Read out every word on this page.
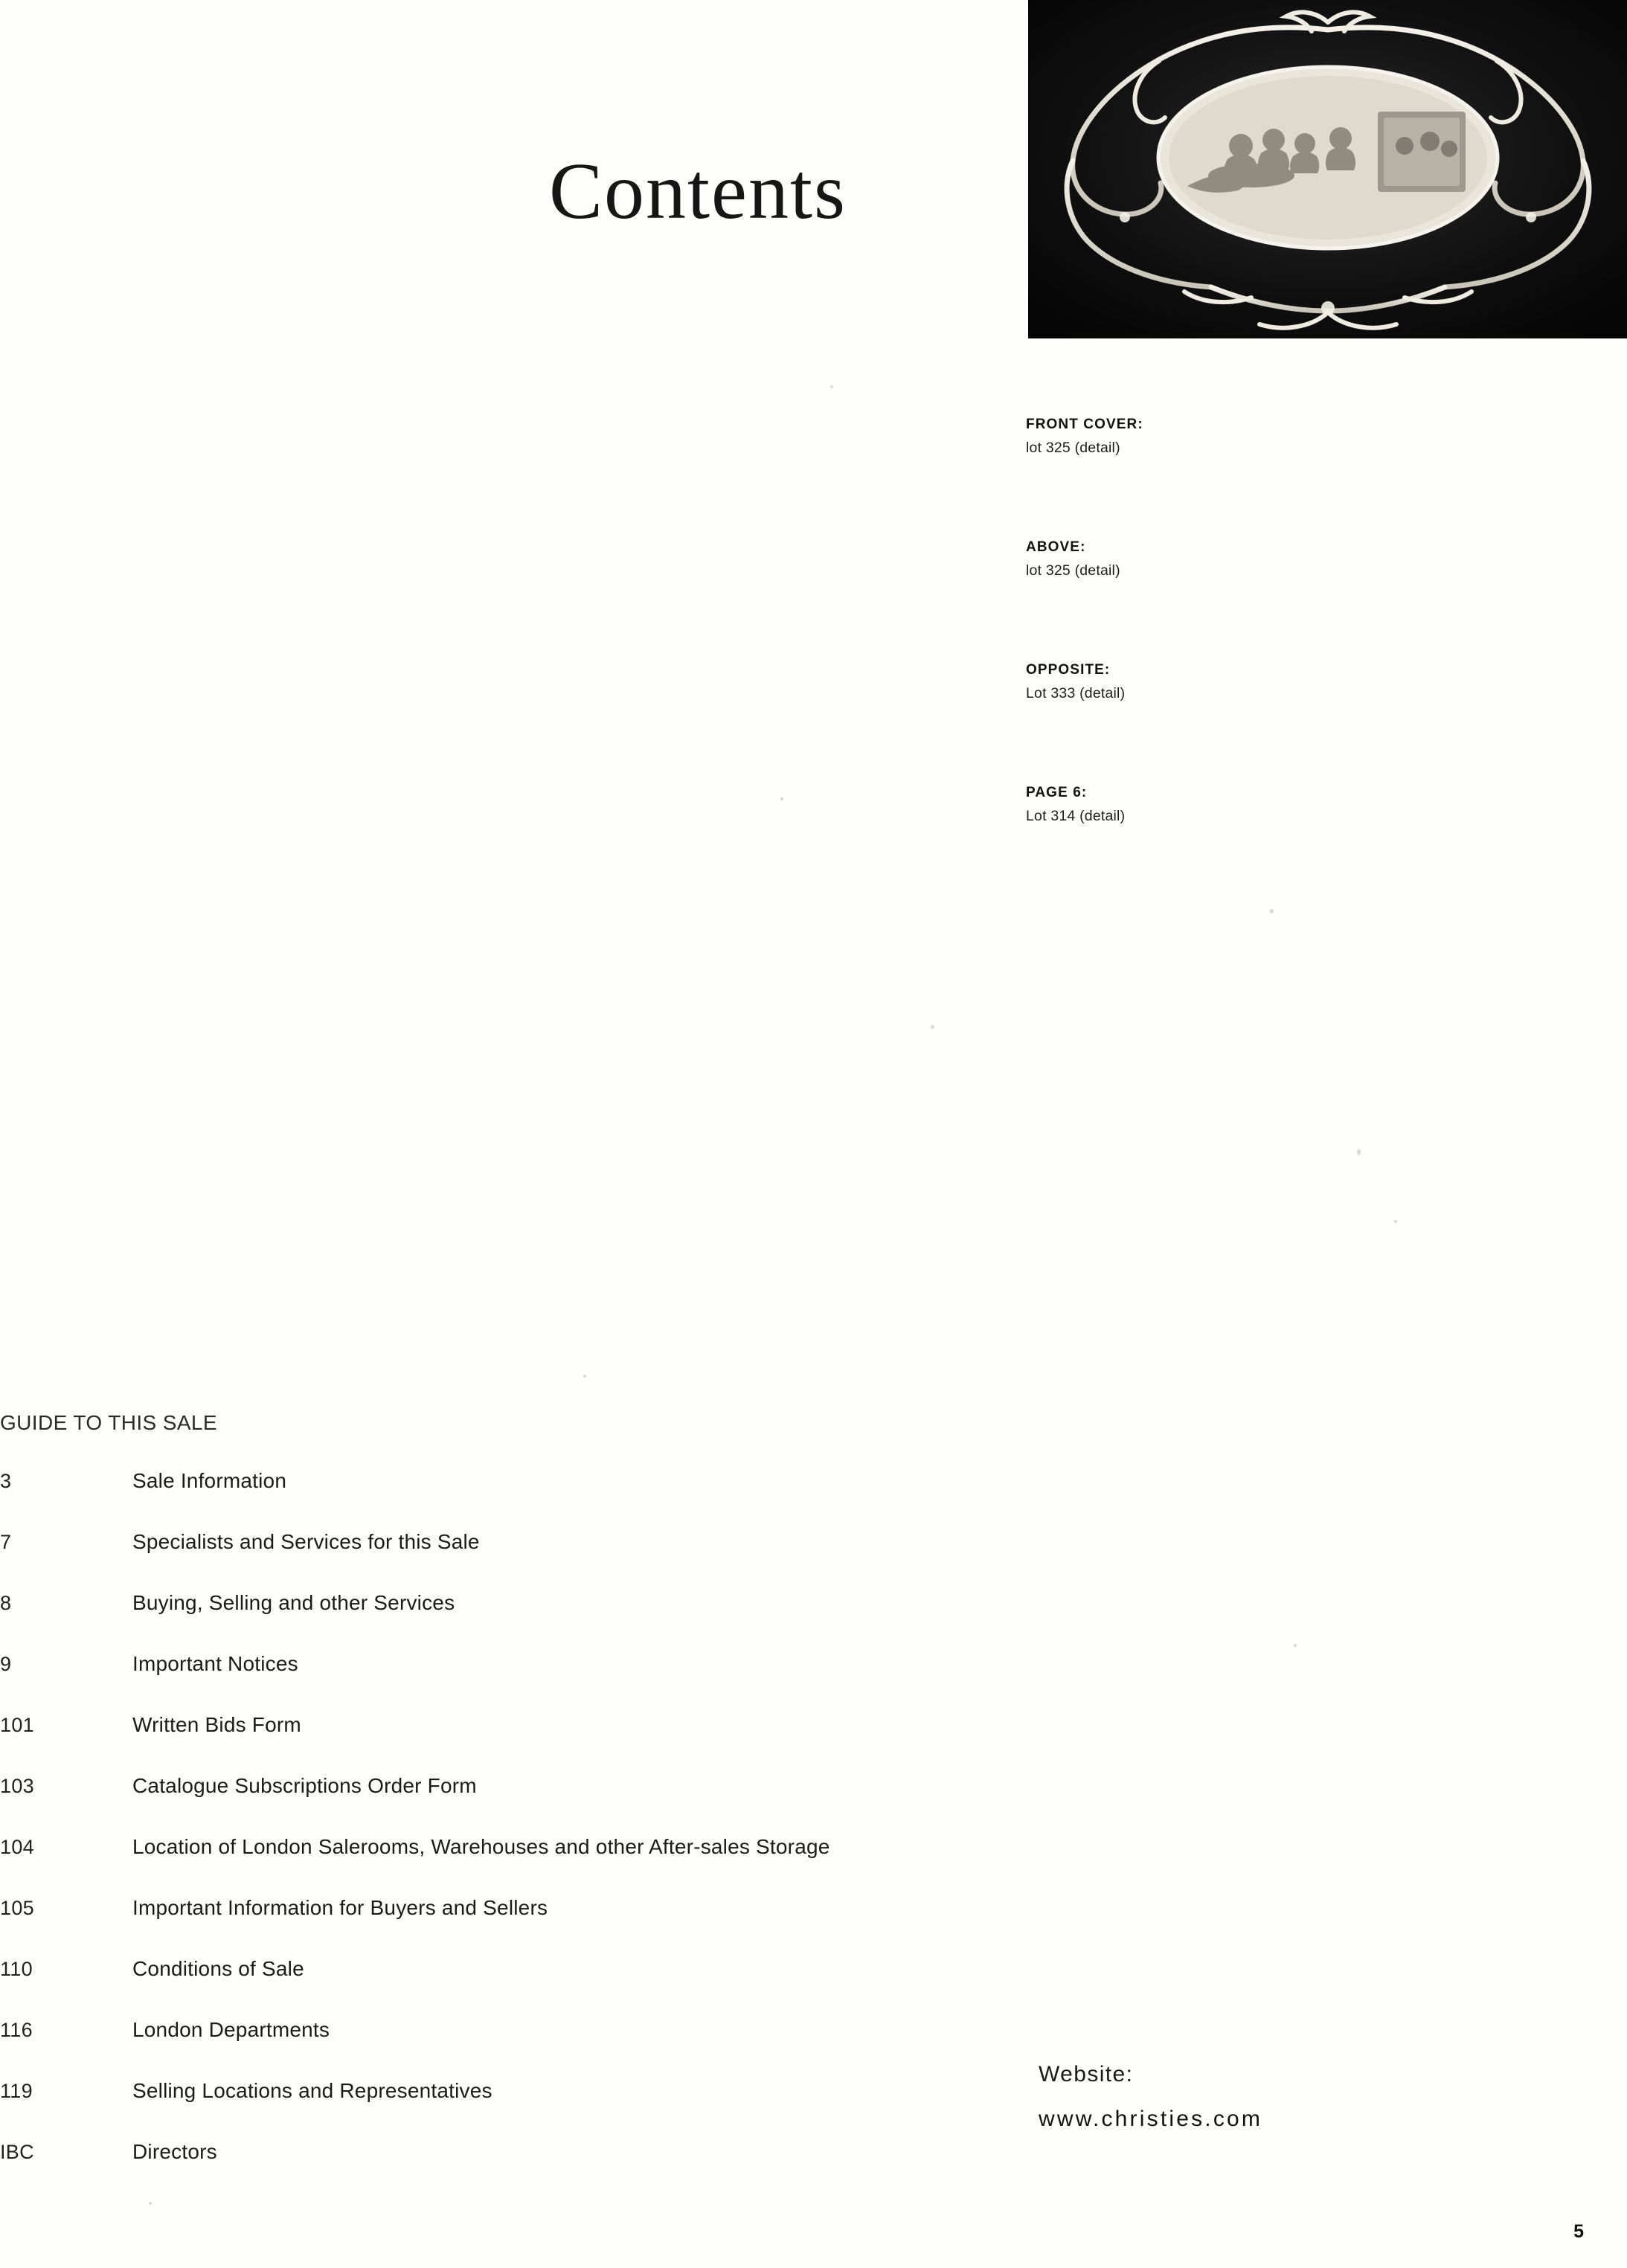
Contents
FRONT COVER:
lot 325 (detail)
ABOVE:
lot 325 (detail)
OPPOSITE:
Lot 333 (detail)
PAGE 6:
Lot 314 (detail)
GUIDE TO THIS SALE
3	Sale Information
7	Specialists and Services for this Sale
8	Buying, Selling and other Services
9	Important Notices
101	Written Bids Form
103	Catalogue Subscriptions Order Form
104	Location of London Salerooms, Warehouses and other After-sales Storage
105	Important Information for Buyers and Sellers
110	Conditions of Sale
116	London Departments
119	Selling Locations and Representatives
IBC	Directors
Website:
www.christies.com
5
